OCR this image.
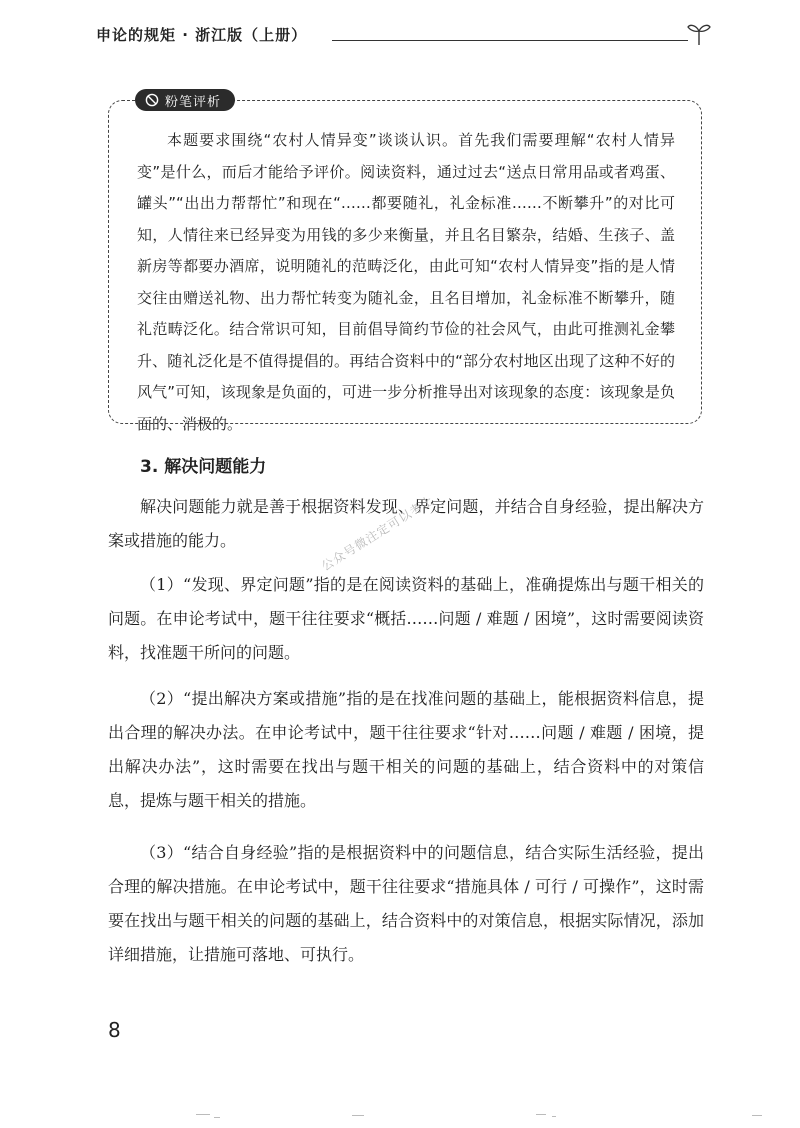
申论的规矩 · 浙江版（上册）
粉笔评析

本题要求围绕“农村人情异变”谈谈认识。首先我们需要理解“农村人情异变”是什么，而后才能给予评价。阅读资料，通过过去“送点日常用品或者鸡蛋、罐头”“出出力帮帮忙”和现在“……都要随礼，礼金标准……不断攀升”的对比可知，人情往来已经异变为用钱的多少来衡量，并且名目繁杂，结婚、生孩子、盖新房等都要办酒席，说明随礼的范畴泛化，由此可知“农村人情异变”指的是人情交往由赠送礼物、出力帮忙转变为随礼金，且名目增加，礼金标准不断攀升，随礼范畴泛化。结合常识可知，目前倡导简约节俭的社会风气，由此可推测礼金攀升、随礼泛化是不值得提倡的。再结合资料中的“部分农村地区出现了这种不好的风气”可知，该现象是负面的，可进一步分析推导出对该现象的态度：该现象是负面的、消极的。

3. 解决问题能力

解决问题能力就是善于根据资料发现、界定问题，并结合自身经验，提出解决方案或措施的能力。

（1）“发现、界定问题”指的是在阅读资料的基础上，准确提炼出与题干相关的问题。在申论考试中，题干往往要求“概括……问题 / 难题 / 困境”，这时需要阅读资料，找准题干所问的问题。

（2）“提出解决方案或措施”指的是在找准问题的基础上，能根据资料信息，提出合理的解决办法。在申论考试中，题干往往要求“针对……问题 / 难题 / 困境，提出解决办法”，这时需要在找出与题干相关的问题的基础上，结合资料中的对策信息，提炼与题干相关的措施。

（3）“结合自身经验”指的是根据资料中的问题信息，结合实际生活经验，提出合理的解决措施。在申论考试中，题干往往要求“措施具体 / 可行 / 可操作”，这时需要在找出与题干相关的问题的基础上，结合资料中的对策信息，根据实际情况，添加详细措施，让措施可落地、可执行。

公众号微注定可以考上
8
